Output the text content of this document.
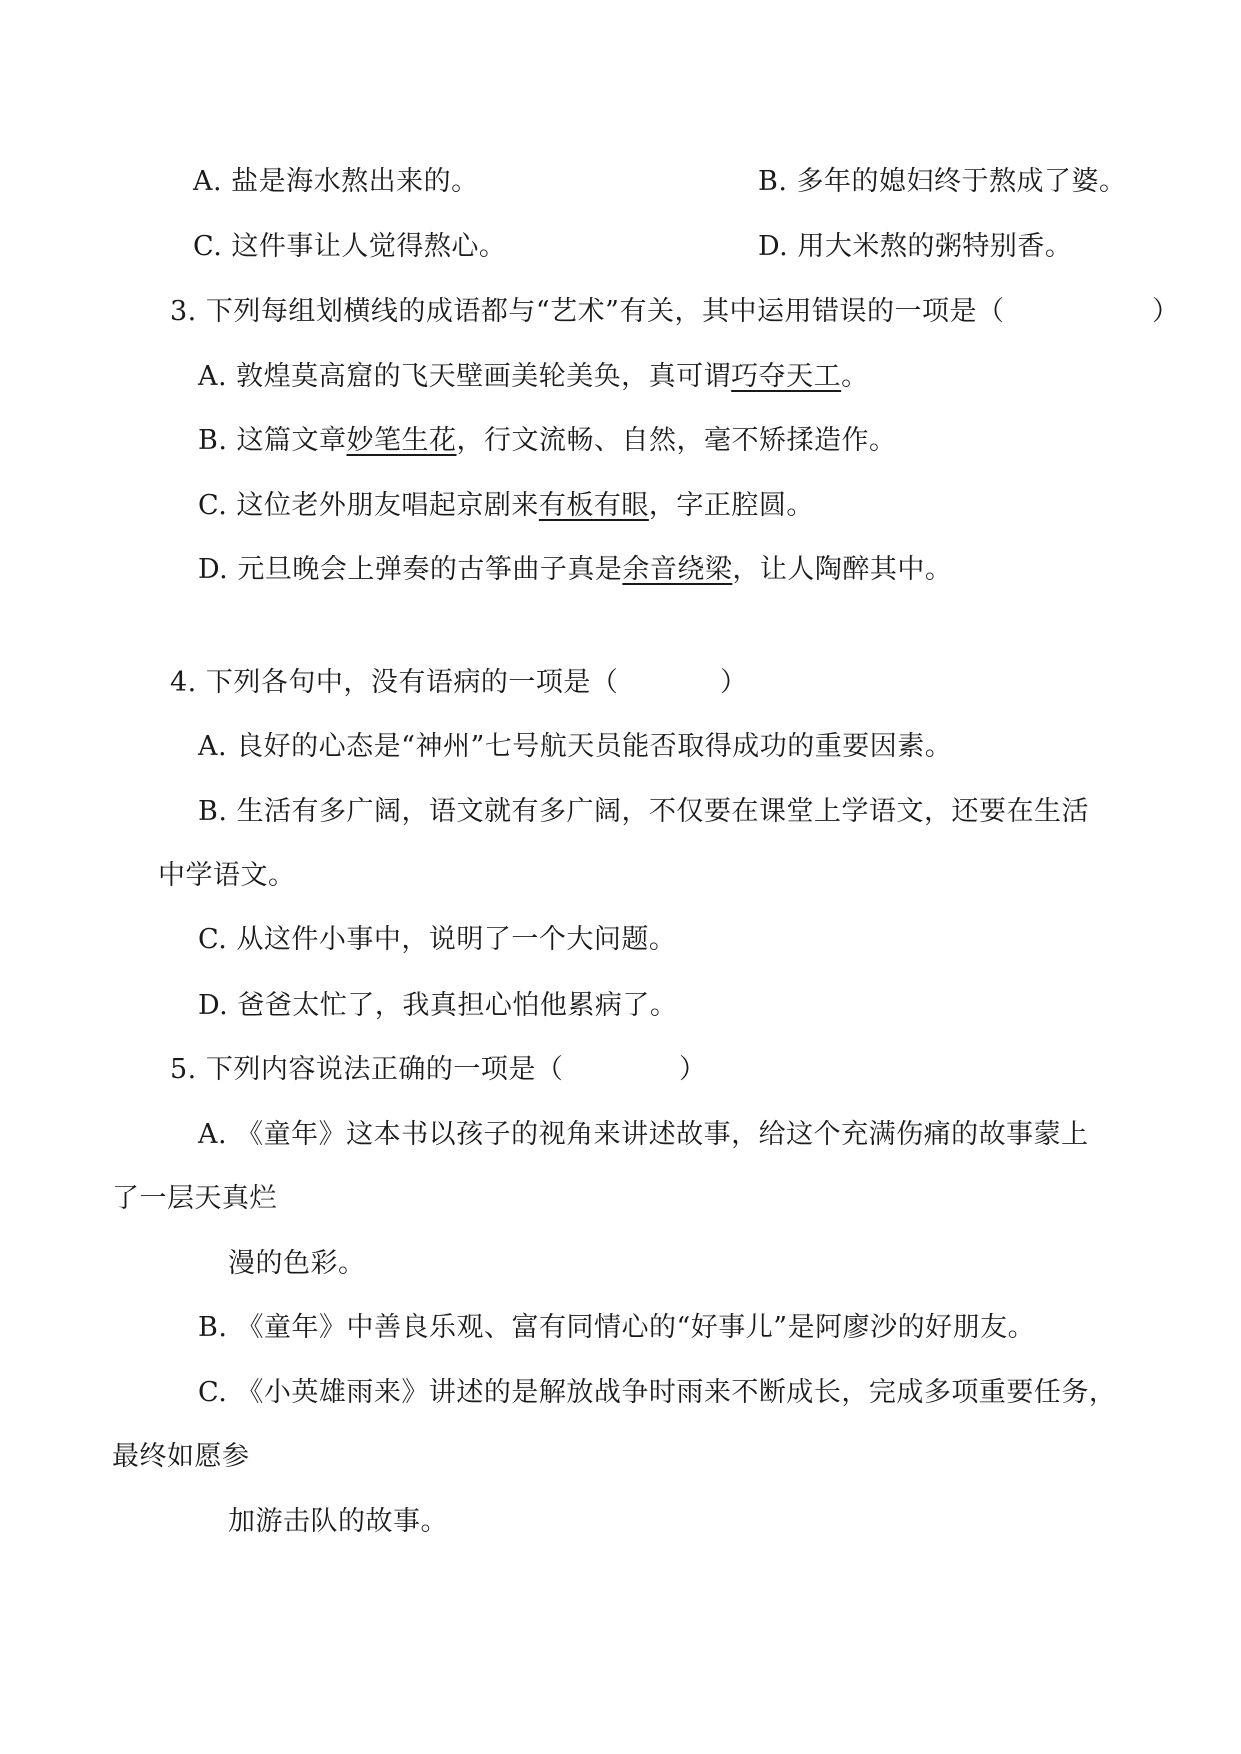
A. 盐是海水熬出来的。	B. 多年的媳妇终于熬成了婆。
C. 这件事让人觉得熬心。	D. 用大米熬的粥特别香。
3. 下列每组划横线的成语都与“艺术”有关，其中运用错误的一项是（	）
A. 敦煌莫高窟的飞天壁画美轮美奂，真可谓巧夺天工。
B. 这篇文章妙笔生花，行文流畅、自然，毫不矫揉造作。
C. 这位老外朋友唱起京剧来有板有眼，字正腔圆。
D. 元旦晚会上弹奏的古筝曲子真是余音绕梁，让人陶醉其中。
4. 下列各句中，没有语病的一项是（	）
A. 良好的心态是“神州”七号航天员能否取得成功的重要因素。
B. 生活有多广阔，语文就有多广阔，不仅要在课堂上学语文，还要在生活
中学语文。
C. 从这件小事中，说明了一个大问题。
D. 爸爸太忙了，我真担心怕他累病了。
5. 下列内容说法正确的一项是（	）
A. 《童年》这本书以孩子的视角来讲述故事，给这个充满伤痛的故事蒙上
了一层天真烂
漫的色彩。
B. 《童年》中善良乐观、富有同情心的“好事儿”是阿廖沙的好朋友。
C. 《小英雄雨来》讲述的是解放战争时雨来不断成长，完成多项重要任务，
最终如愿参
加游击队的故事。
